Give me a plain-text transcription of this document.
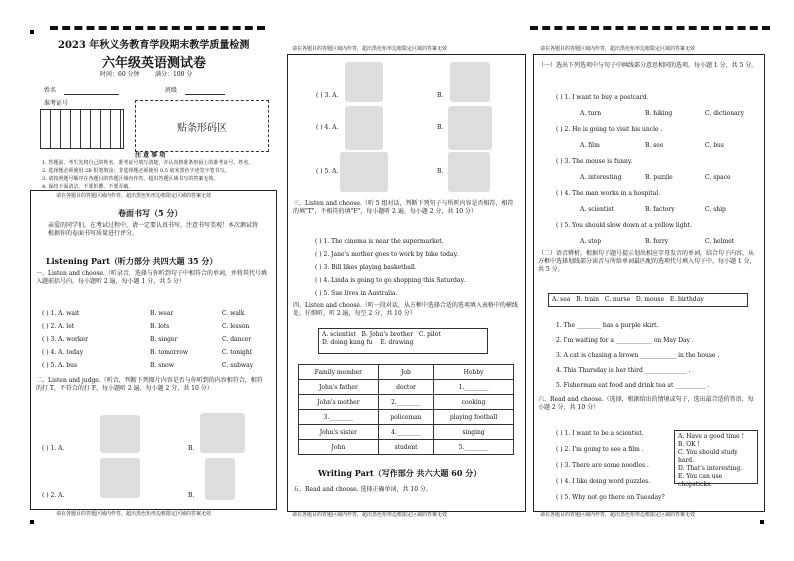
2023 年秋义务教育学段期末教学质量检测
六年级英语测试卷
时间：60 分钟	满分：100 分
姓名	班级
准考证号
贴条形码区
注 意 事 项
1. 答题前，考生先将自己的姓名、准考证号填写清楚，并认真核准条形码上的准考证号、姓名。
2. 选择题必须使用 2B 铅笔填涂；非选择题必须使用 0.5 毫米黑色字迹签字笔书写。
3. 请按照题号顺序在各题目的答题区域内作答，超出答题区域书写的答案无效。
4. 保持卡面清洁，不要折叠、不要弄破。
请在各题目的答题区域内作答，超出黑色矩形边框限定区域的答案无效
卷面书写（5 分）
亲爱的同学们，在考试过程中，请一定要认真书写，注意书写美观！本次测试将根据你的卷面书写质量进行评分。
Listening Part（听力部分 共四大题 35 分）
一、Listen and choose.（听录音，选择与你听到句子中相符合的单词，并将其代号填入题前括号内，每小题听 2 遍，每小题 1 分，共 5 分）
( ) 1. A. wait	B. wear	C. walk
( ) 2. A. let	B. lots	C. lesson
( ) 3. A. worker	B. singer	C. dancer
( ) 4. A. today	B. tomorrow	C. tonight
( ) 5. A. bus	B. snow	C. subway
二、Listen and judge.（听音，判断下列图片内容是否与你听到的内容相符合，相符的打 T，不符合的打 F，每小题听 2 遍，每小题 2 分，共 10 分）
( ) 1. A.	B.
( ) 2. A.	B.
请在各题目的答题区域内作答，超出黑色矩形边框限定区域的答案无效
请在各题目的答题区域内作答，超出黑色矩形边框限定区域的答案无效
( ) 3. A.	B.
( ) 4. A.	B.
( ) 5. A.	B.
三、Listen and choose.（听 5 组对话，判断下列句子与所听内容是否相符，相符的填"T"，不相符的填"F"，每小题听 2 遍，每小题 2 分，共 10 分）
( ) 1. The cinema is near the supermarket.
( ) 2. Jane's mother goes to work by bike today.
( ) 3. Bill likes playing basketball.
( ) 4. Linda is going to go shopping this Saturday.
( ) 5. Sue lives in Australia.
四、Listen and choose.（听一段对话，从方框中选择合适的选项填入表格中的横线处，仔细听，听 2 遍，每空 2 分，共 10 分）
A. scientist B. John's brother C. pilot
D. doing kung fu E. drawing
Family member	Job	Hobby
John's father	doctor	1.________
John's mother	2.________	cooking
3.________	policeman	playing football
John's sister	4.________	singing
John	student	5.________
Writing Part（写作部分 共六大题 60 分）
五、Read and choose. 选择正确单词，共 10 分。
请在各题目的答题区域内作答，超出黑色矩形边框限定区域的答案无效
请在各题目的答题区域内作答，超出黑色矩形边框限定区域的答案无效
（一）选出下列选项中与句子中画线部分意思相同的选项，每小题 1 分，共 5 分。
( ) 1. I want to buy a postcard.
A. turn	B. hiking	C. dictionary
( ) 2. He is going to visit his uncle .
A. film	B. see	C. bus
( ) 3. The mouse is funny.
A. interesting	B. puzzle	C. space
( ) 4. The man works in a hospital.
A. scientist	B. factory	C. ship
( ) 5. You should slow down at a yellow light.
A. stop	B. ferry	C. helmet
（二）语音辨析。根据句子题号提示划出相应字母发音的单词，结合句子内容，从方框中选择划线部分读音与所给单词最匹配的选项代号填入句子中，每小题 1 分，共 5 分。
A. sea B. train C. nurse D. mouse E. birthday
1. The ________ has a purple skirt.
2. I'm waiting for a ____________ on May Day .
3. A cat is chasing a brown ____________ in the house .
4. This Thursday is her third ______________ .
5. Fisherman eat food and drink tea at __________ .
六、Read and choose.（选择，根据给出的情境或句子，选出最合适的答语，每小题 2 分，共 10 分）
( ) 1. I want to be a scientist.
( ) 2. I'm going to see a film .
( ) 3. There are some noodles .
( ) 4. I like doing word puzzles.
( ) 5. Why not go there on Tuesday?
A. Have a good time !
B. OK !
C. You should study hard.
D. That's interesting.
E. You can use chopsticks.
请在各题目的答题区域内作答，超出黑色矩形边框限定区域的答案无效
